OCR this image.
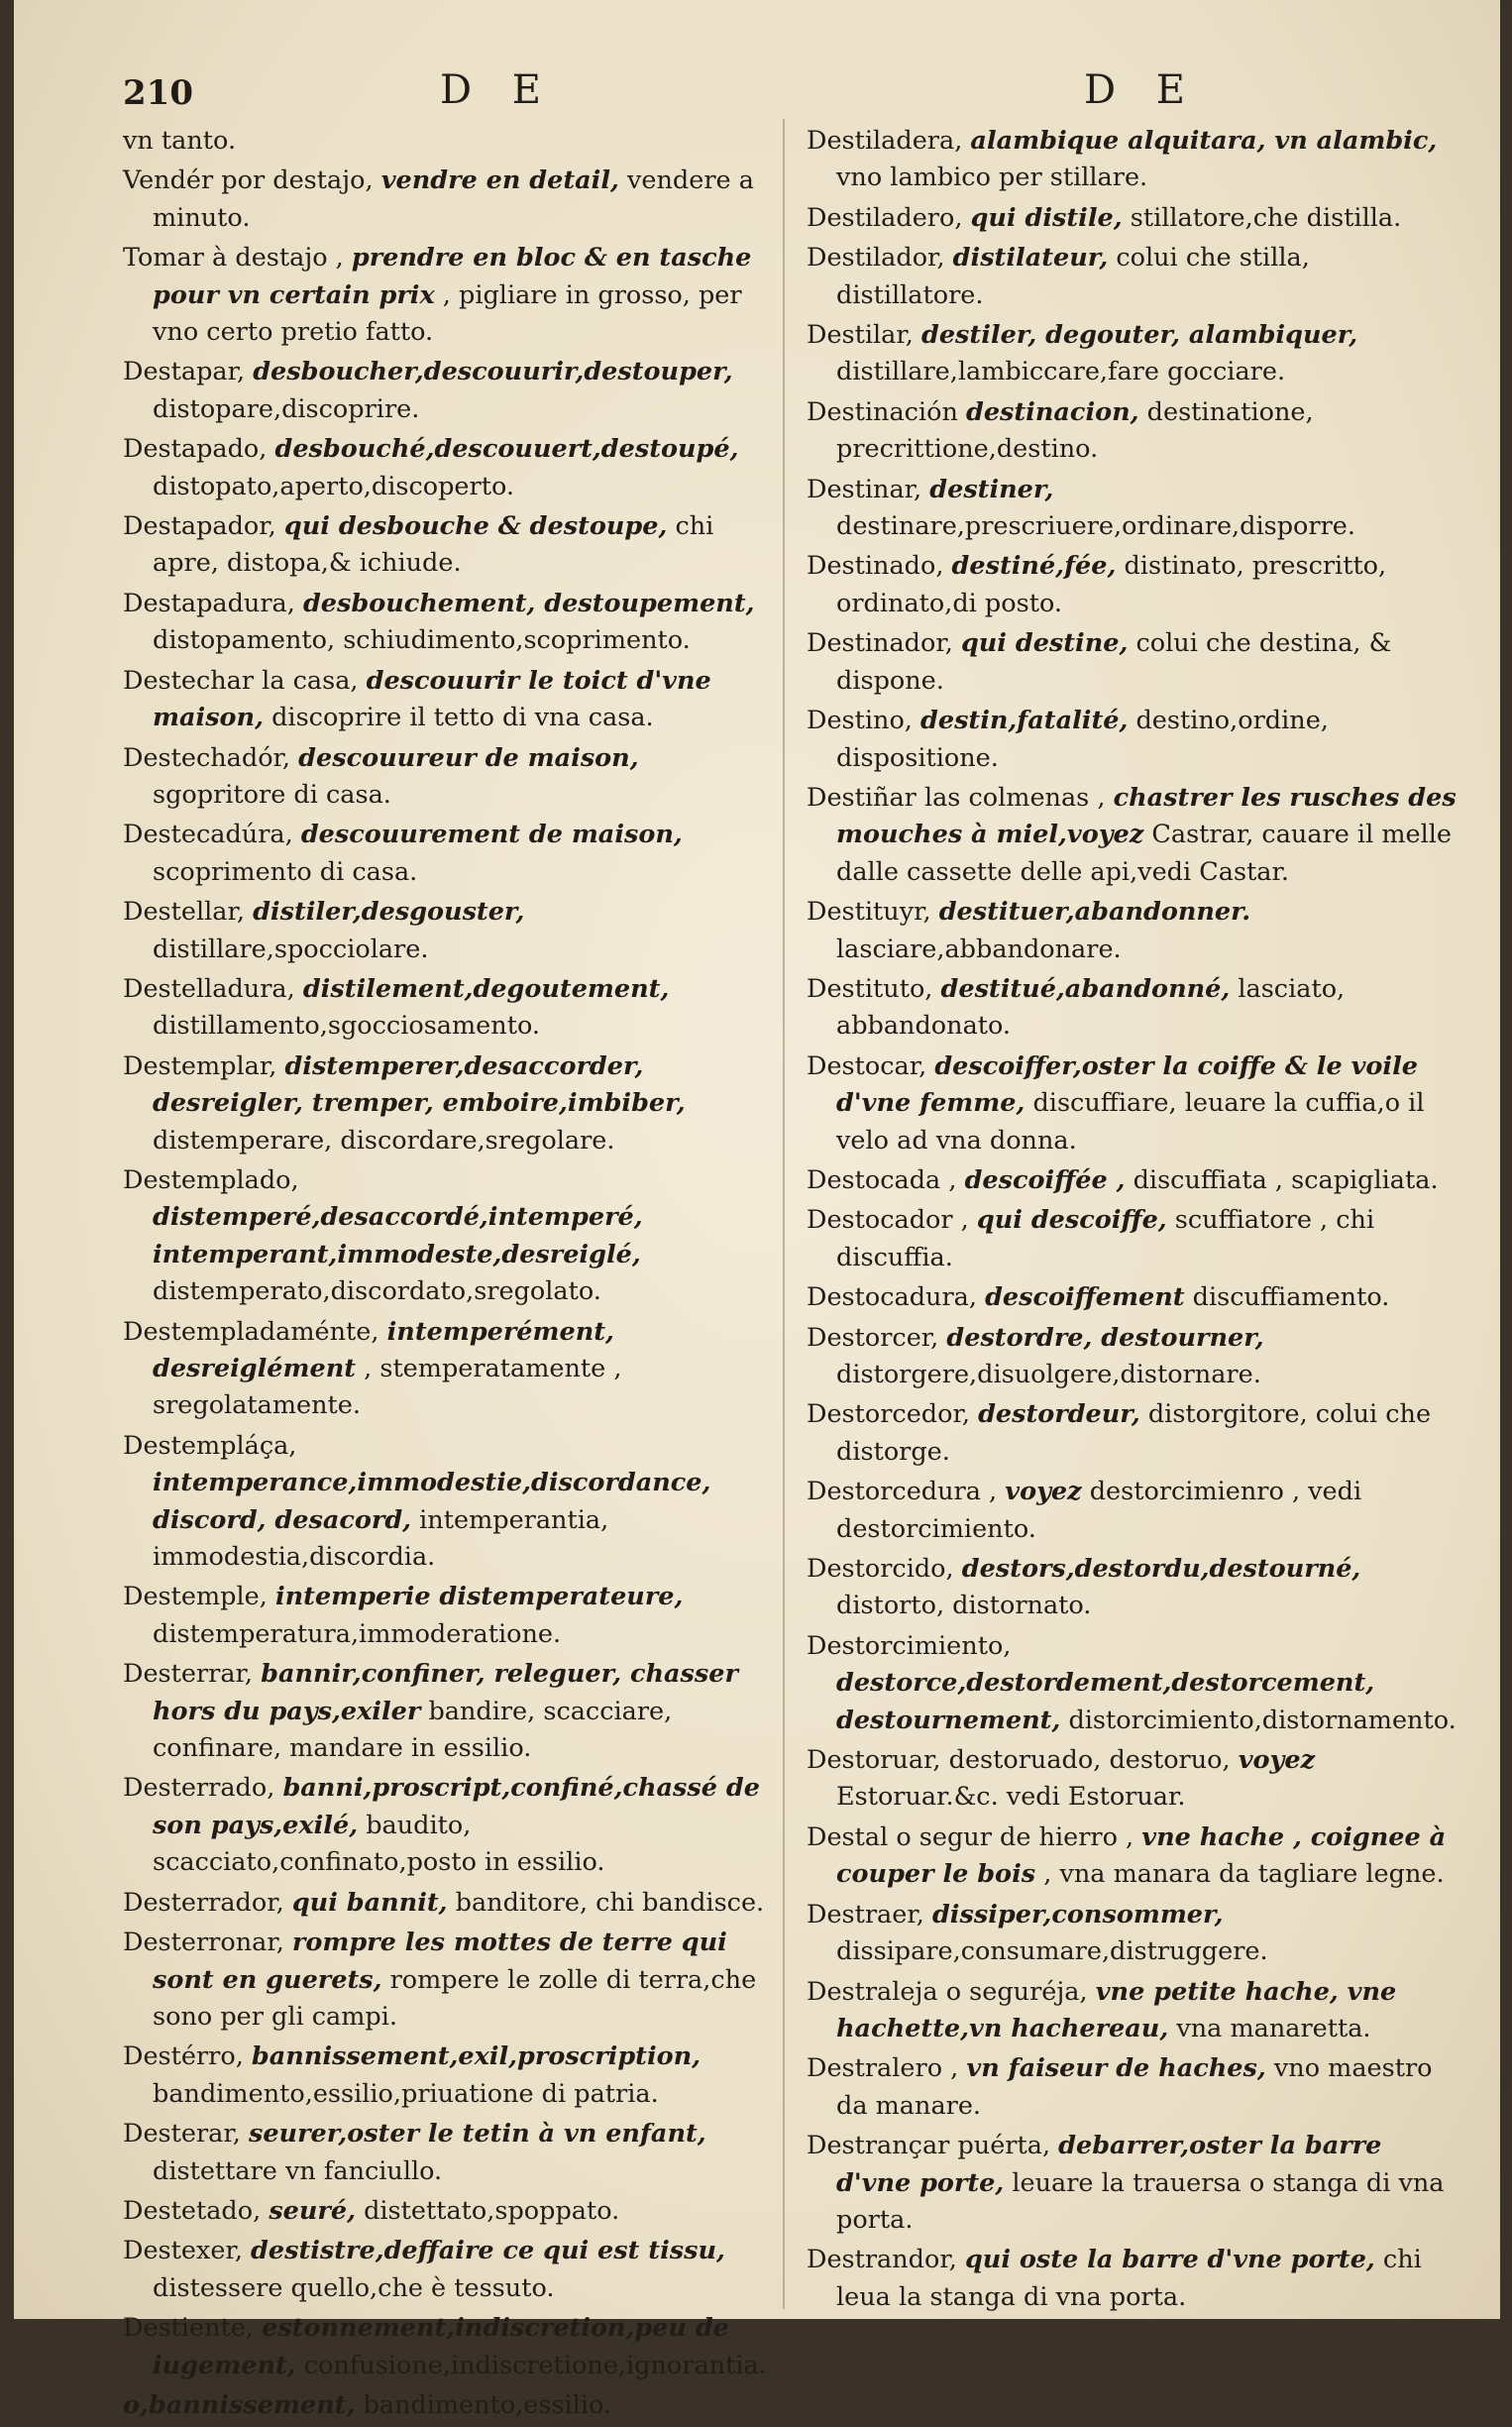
210	D E	D E

vn tanto.

Vendér por destajo, vendre en detail, vendere a minuto.

Tomar à destajo , prendre en bloc & en tasche pour vn certain prix , pigliare in grosso, per vno certo pretio fatto.

Destapar, desboucher,descouurir,destouper, distopare,discoprire.

Destapado, desbouché,descouuert,destoupé, distopato,aperto,discoperto.

Destapador, qui desbouche & destoupe, chi apre, distopa,& ichiude.

Destapadura, desbouchement, destoupement, distopamento, schiudimento,scoprimento.

Destechar la casa, descouurir le toict d'vne maison, discoprire il tetto di vna casa.

Destechadór, descouureur de maison, sgopritore di casa.

Destecadúra, descouurement de maison, scoprimento di casa.

Destellar, distiler,desgouster, distillare,spocciolare.

Destelladura, distilement,degoutement, distillamento,sgocciosamento.

Destemplar, distemperer,desaccorder, desreigler, tremper, emboire,imbiber, distemperare, discordare,sregolare.

Destemplado, distemperé,desaccordé,intemperé, intemperant,immodeste,desreiglé, distemperato,discordato,sregolato.

Destempladaménte, intemperément, desreiglément , stemperatamente , sregolatamente.

Destempláça, intemperance,immodestie,discordance, discord, desacord, intemperantia, immodestia,discordia.

Destemple, intemperie distemperateure, distemperatura,immoderatione.

Desterrar, bannir,confiner, releguer, chasser hors du pays,exiler bandire, scacciare, confinare, mandare in essilio.

Desterrado, banni,proscript,confiné,chassé de son pays,exilé, baudito, scacciato,confinato,posto in essilio.

Desterrador, qui bannit, banditore, chi bandisce.

Desterronar, rompre les mottes de terre qui sont en guerets, rompere le zolle di terra,che sono per gli campi.

Destérro, bannissement,exil,proscription, bandimento,essilio,priuatione di patria.

Desterar, seurer,oster le tetin à vn enfant, distettare vn fanciullo.

Destetado, seuré, distettato,spoppato.

Destexer, destistre,deffaire ce qui est tissu, distessere quello,che è tessuto.

Destiente, estonnement,indiscretion,peu de iugement, confusione,indiscretione,ignorantia.

o,bannissement, bandimento,essilio.

Destiladera, alambique alquitara, vn alambic, vno lambico per stillare.

Destiladero, qui distile, stillatore,che distilla.

Destilador, distilateur, colui che stilla, distillatore.

Destilar, destiler, degouter, alambiquer, distillare,lambiccare,fare gocciare.

Destinación destinacion, destinatione, precrittione,destino.

Destinar, destiner, destinare,prescriuere,ordinare,disporre.

Destinado, destiné,fée, distinato, prescritto, ordinato,di posto.

Destinador, qui destine, colui che destina, & dispone.

Destino, destin,fatalité, destino,ordine, dispositione.

Destiñar las colmenas , chastrer les rusches des mouches à miel,voyez Castrar, cauare il melle dalle cassette delle api,vedi Castar.

Destituyr, destituer,abandonner. lasciare,abbandonare.

Destituto, destitué,abandonné, lasciato, abbandonato.

Destocar, descoiffer,oster la coiffe & le voile d'vne femme, discuffiare, leuare la cuffia,o il velo ad vna donna.

Destocada , descoiffée , discuffiata , scapigliata.

Destocador , qui descoiffe, scuffiatore , chi discuffia.

Destocadura, descoiffement discuffiamento.

Destorcer, destordre, destourner, distorgere,disuolgere,distornare.

Destorcedor, destordeur, distorgitore, colui che distorge.

Destorcedura , voyez destorcimienro , vedi destorcimiento.

Destorcido, destors,destordu,destourné, distorto, distornato.

Destorcimiento, destorce,destordement,destorcement, destournement, distorcimiento,distornamento.

Destoruar, destoruado, destoruo, voyez Estoruar.&c. vedi Estoruar.

Destal o segur de hierro , vne hache , coignee à couper le bois , vna manara da tagliare legne.

Destraer, dissiper,consommer, dissipare,consumare,distruggere.

Destraleja o seguréja, vne petite hache, vne hachette,vn hachereau, vna manaretta.

Destralero , vn faiseur de haches, vno maestro da manare.

Destrançar puérta, debarrer,oster la barre d'vne porte, leuare la trauersa o stanga di vna porta.

Destrandor, qui oste la barre d'vne porte, chi leua la stanga di vna porta.
